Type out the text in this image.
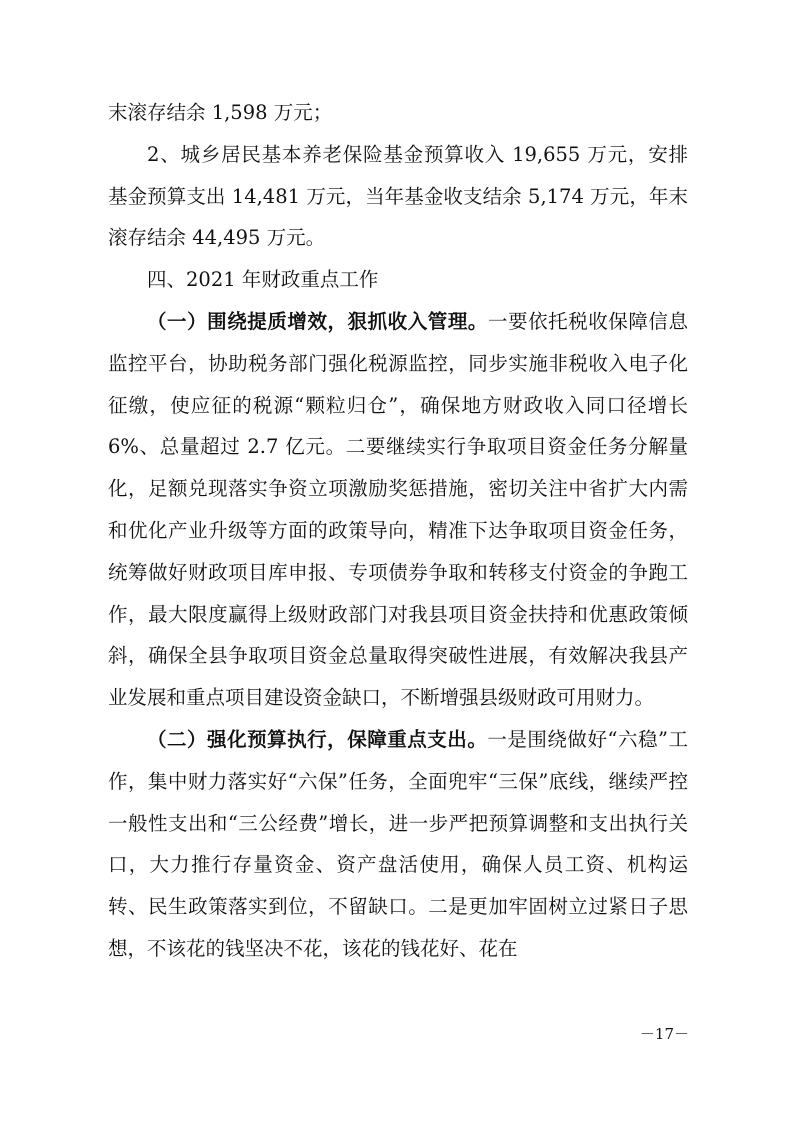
末滚存结余 1,598 万元；

2、城乡居民基本养老保险基金预算收入 19,655 万元，安排基金预算支出 14,481 万元，当年基金收支结余 5,174 万元，年末滚存结余 44,495 万元。

四、2021 年财政重点工作

（一）围绕提质增效，狠抓收入管理。一要依托税收保障信息监控平台，协助税务部门强化税源监控，同步实施非税收入电子化征缴，使应征的税源“颗粒归仓”，确保地方财政收入同口径增长 6%、总量超过 2.7 亿元。二要继续实行争取项目资金任务分解量化，足额兑现落实争资立项激励奖惩措施，密切关注中省扩大内需和优化产业升级等方面的政策导向，精准下达争取项目资金任务，统筹做好财政项目库申报、专项债券争取和转移支付资金的争跑工作，最大限度赢得上级财政部门对我县项目资金扶持和优惠政策倾斜，确保全县争取项目资金总量取得突破性进展，有效解决我县产业发展和重点项目建设资金缺口，不断增强县级财政可用财力。

（二）强化预算执行，保障重点支出。一是围绕做好“六稳”工作，集中财力落实好“六保”任务，全面兜牢“三保”底线，继续严控一般性支出和“三公经费”增长，进一步严把预算调整和支出执行关口，大力推行存量资金、资产盘活使用，确保人员工资、机构运转、民生政策落实到位，不留缺口。二是更加牢固树立过紧日子思想，不该花的钱坚决不花，该花的钱花好、花在

－17－
